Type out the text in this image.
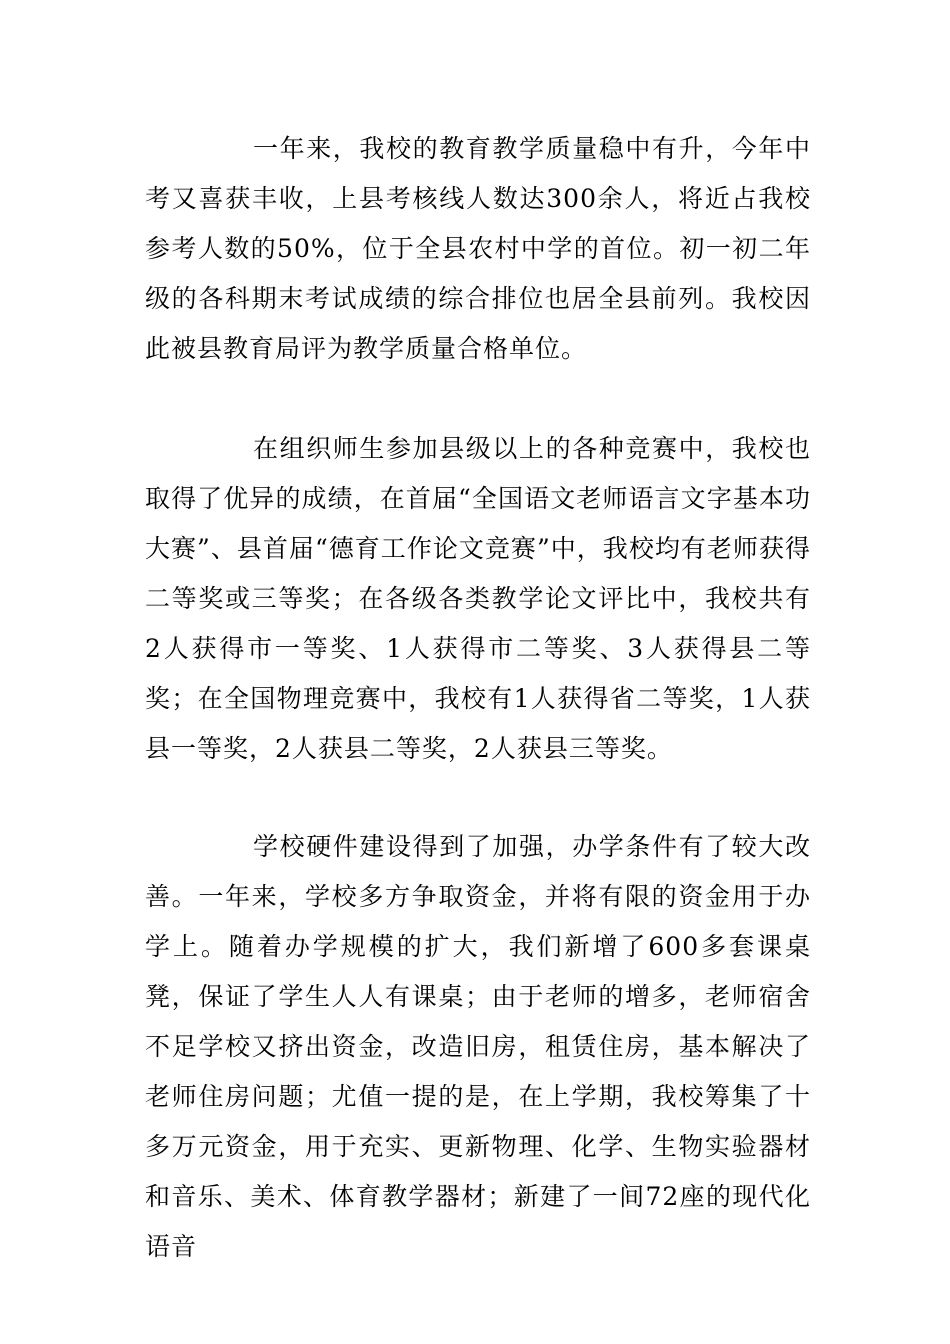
一年来，我校的教育教学质量稳中有升，今年中考又喜获丰收，上县考核线人数达300余人，将近占我校参考人数的50%，位于全县农村中学的首位。初一初二年级的各科期末考试成绩的综合排位也居全县前列。我校因此被县教育局评为教学质量合格单位。

在组织师生参加县级以上的各种竞赛中，我校也取得了优异的成绩，在首届“全国语文老师语言文字基本功大赛”、县首届“德育工作论文竞赛”中，我校均有老师获得二等奖或三等奖；在各级各类教学论文评比中，我校共有2人获得市一等奖、1人获得市二等奖、3人获得县二等奖；在全国物理竞赛中，我校有1人获得省二等奖，1人获县一等奖，2人获县二等奖，2人获县三等奖。

学校硬件建设得到了加强，办学条件有了较大改善。一年来，学校多方争取资金，并将有限的资金用于办学上。随着办学规模的扩大，我们新增了600多套课桌凳，保证了学生人人有课桌；由于老师的增多，老师宿舍不足学校又挤出资金，改造旧房，租赁住房，基本解决了老师住房问题；尤值一提的是，在上学期，我校筹集了十多万元资金，用于充实、更新物理、化学、生物实验器材和音乐、美术、体育教学器材；新建了一间72座的现代化语音
